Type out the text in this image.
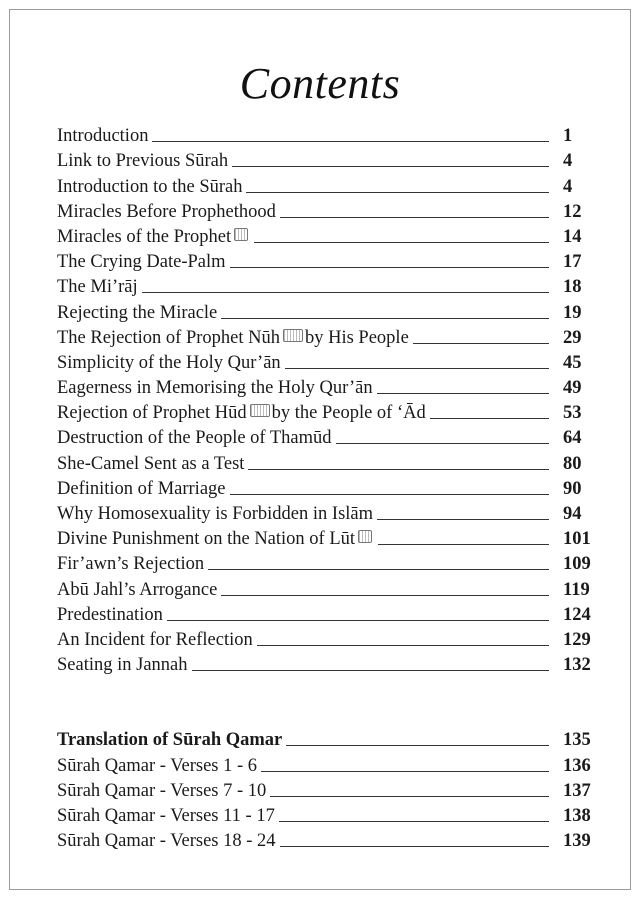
Contents
Introduction	1
Link to Previous Sūrah	4
Introduction to the Sūrah	4
Miracles Before Prophethood	12
Miracles of the Prophet	14
The Crying Date-Palm	17
The Mi’rāj	18
Rejecting the Miracle	19
The Rejection of Prophet Nūh by His People	29
Simplicity of the Holy Qur’ān	45
Eagerness in Memorising the Holy Qur’ān	49
Rejection of Prophet Hūd by the People of ‘Ād	53
Destruction of the People of Thamūd	64
She-Camel Sent as a Test	80
Definition of Marriage	90
Why Homosexuality is Forbidden in Islām	94
Divine Punishment on the Nation of Lūt	101
Fir’awn’s Rejection	109
Abū Jahl’s Arrogance	119
Predestination	124
An Incident for Reflection	129
Seating in Jannah	132
Translation of Sūrah Qamar	135
Sūrah Qamar - Verses 1 - 6	136
Sūrah Qamar - Verses 7 - 10	137
Sūrah Qamar - Verses 11 - 17	138
Sūrah Qamar - Verses 18 - 24	139
